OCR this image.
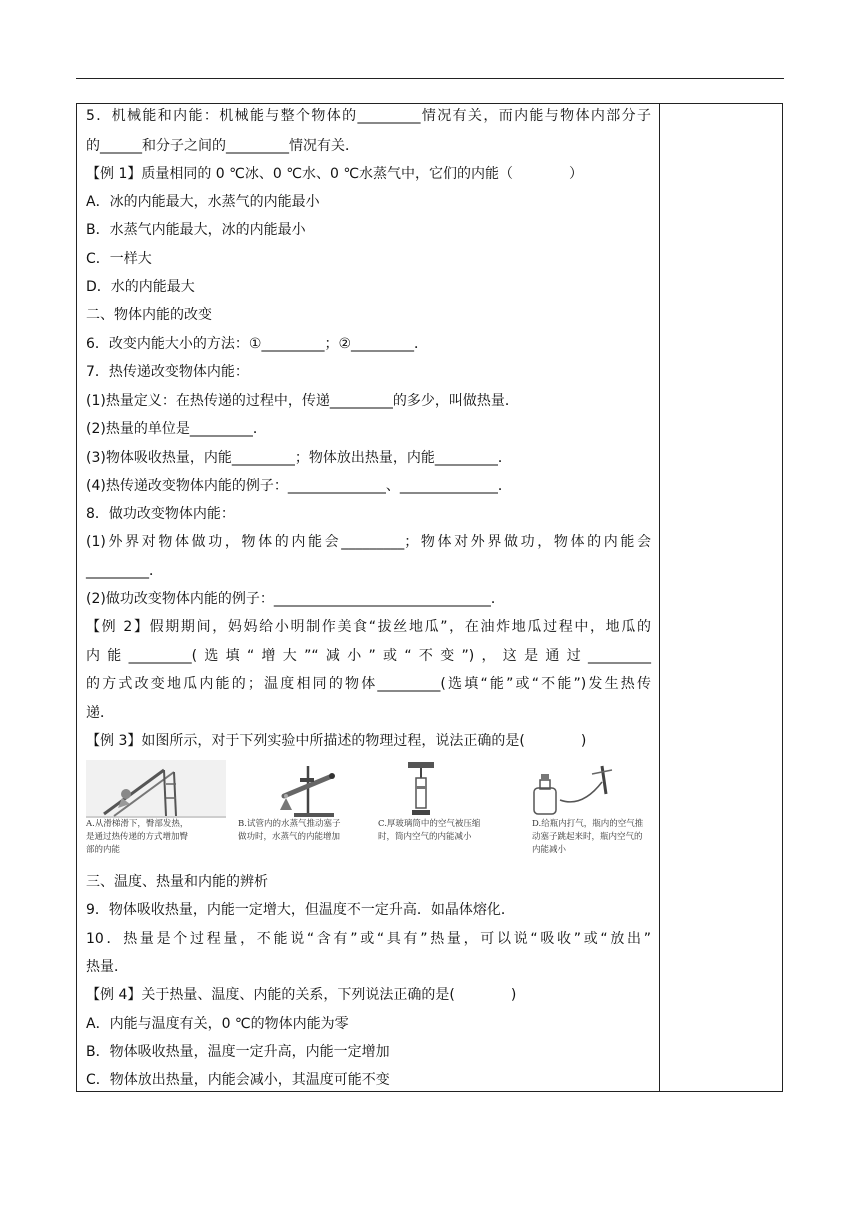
5．机械能和内能：机械能与整个物体的_________情况有关，而内能与物体内部分子
的______和分子之间的_________情况有关．
【例 1】质量相同的 0 ℃冰、0 ℃水、0 ℃水蒸气中，它们的内能（　　　　）
A．冰的内能最大，水蒸气的内能最小
B．水蒸气内能最大，冰的内能最小
C．一样大
D．水的内能最大
二、物体内能的改变
6．改变内能大小的方法：①_________；②_________．
7．热传递改变物体内能：
(1)热量定义：在热传递的过程中，传递_________的多少，叫做热量．
(2)热量的单位是_________．
(3)物体吸收热量，内能_________；物体放出热量，内能_________．
(4)热传递改变物体内能的例子：______________、______________．
8．做功改变物体内能：
(1)外界对物体做功，物体的内能会_________；物体对外界做功，物体的内能会
_________．
(2)做功改变物体内能的例子：_______________________________．
【例 2】假期期间，妈妈给小明制作美食“拔丝地瓜”，在油炸地瓜过程中，地瓜的
内能_________(选填“增大”“减小”或“不变”)，这是通过_________
的方式改变地瓜内能的；温度相同的物体_________(选填“能”或“不能”)发生热传
递．
【例 3】如图所示，对于下列实验中所描述的物理过程，说法正确的是(　　　　)
A.从滑梯滑下，臀部发热，是通过热传递的方式增加臀部的内能
B.试管内的水蒸气推动塞子做功时，水蒸气的内能增加
C.厚玻璃筒中的空气被压缩时，筒内空气的内能减小
D.给瓶内打气，瓶内的空气推动塞子跳起来时，瓶内空气的内能减小
三、温度、热量和内能的辨析
9．物体吸收热量，内能一定增大，但温度不一定升高．如晶体熔化．
10．热量是个过程量，不能说“含有”或“具有”热量，可以说“吸收”或“放出”
热量．
【例 4】关于热量、温度、内能的关系，下列说法正确的是(　　　　)
A．内能与温度有关，0 ℃的物体内能为零
B．物体吸收热量，温度一定升高，内能一定增加
C．物体放出热量，内能会减小，其温度可能不变
